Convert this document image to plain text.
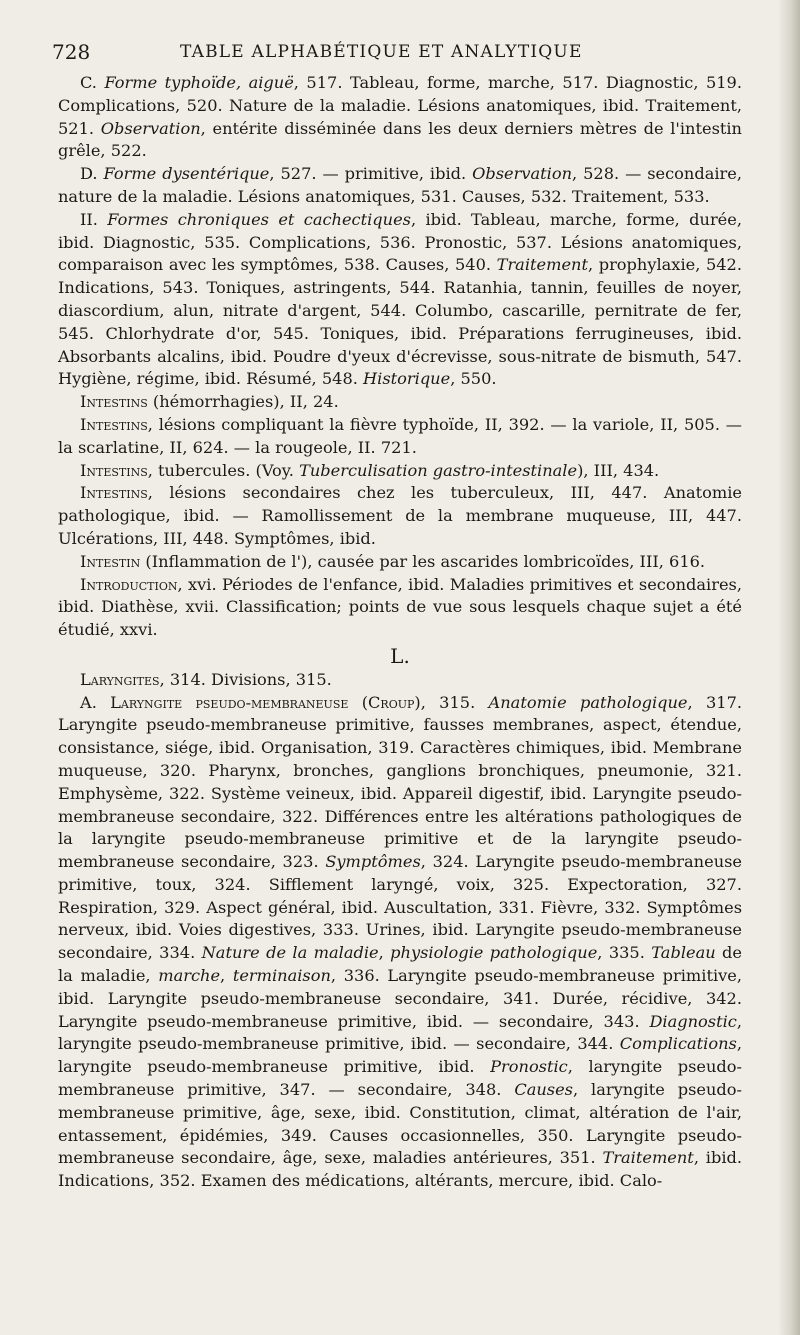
728	TABLE ALPHABÉTIQUE ET ANALYTIQUE

C. Forme typhoïde, aiguë, 517. Tableau, forme, marche, 517. Diagnostic, 519. Complications, 520. Nature de la maladie. Lésions anatomiques, ibid. Traitement, 521. Observation, entérite disséminée dans les deux derniers mètres de l'intestin grêle, 522.

D. Forme dysentérique, 527. — primitive, ibid. Observation, 528. — secondaire, nature de la maladie. Lésions anatomiques, 531. Causes, 532. Traitement, 533.

II. Formes chroniques et cachectiques, ibid. Tableau, marche, forme, durée, ibid. Diagnostic, 535. Complications, 536. Pronostic, 537. Lésions anatomiques, comparaison avec les symptômes, 538. Causes, 540. Traitement, prophylaxie, 542. Indications, 543. Toniques, astringents, 544. Ratanhia, tannin, feuilles de noyer, diascordium, alun, nitrate d'argent, 544. Columbo, cascarille, pernitrate de fer, 545. Chlorhydrate d'or, 545. Toniques, ibid. Préparations ferrugineuses, ibid. Absorbants alcalins, ibid. Poudre d'yeux d'écrevisse, sous-nitrate de bismuth, 547. Hygiène, régime, ibid. Résumé, 548. Historique, 550.

Intestins (hémorrhagies), II, 24.

Intestins, lésions compliquant la fièvre typhoïde, II, 392. — la variole, II, 505. — la scarlatine, II, 624. — la rougeole, II. 721.

Intestins, tubercules. (Voy. Tuberculisation gastro-intestinale), III, 434.

Intestins, lésions secondaires chez les tuberculeux, III, 447. Anatomie pathologique, ibid. — Ramollissement de la membrane muqueuse, III, 447. Ulcérations, III, 448. Symptômes, ibid.

Intestin (Inflammation de l'), causée par les ascarides lombricoïdes, III, 616.

Introduction, xvi. Périodes de l'enfance, ibid. Maladies primitives et secondaires, ibid. Diathèse, xvii. Classification; points de vue sous lesquels chaque sujet a été étudié, xxvi.

L.

Laryngites, 314. Divisions, 315.

A. Laryngite pseudo-membraneuse (Croup), 315. Anatomie pathologique, 317. Laryngite pseudo-membraneuse primitive, fausses membranes, aspect, étendue, consistance, siége, ibid. Organisation, 319. Caractères chimiques, ibid. Membrane muqueuse, 320. Pharynx, bronches, ganglions bronchiques, pneumonie, 321. Emphysème, 322. Système veineux, ibid. Appareil digestif, ibid. Laryngite pseudo-membraneuse secondaire, 322. Différences entre les altérations pathologiques de la laryngite pseudo-membraneuse primitive et de la laryngite pseudo-membraneuse secondaire, 323. Symptômes, 324. Laryngite pseudo-membraneuse primitive, toux, 324. Sifflement laryngé, voix, 325. Expectoration, 327. Respiration, 329. Aspect général, ibid. Auscultation, 331. Fièvre, 332. Symptômes nerveux, ibid. Voies digestives, 333. Urines, ibid. Laryngite pseudo-membraneuse secondaire, 334. Nature de la maladie, physiologie pathologique, 335. Tableau de la maladie, marche, terminaison, 336. Laryngite pseudo-membraneuse primitive, ibid. Laryngite pseudo-membraneuse secondaire, 341. Durée, récidive, 342. Laryngite pseudo-membraneuse primitive, ibid. — secondaire, 343. Diagnostic, laryngite pseudo-membraneuse primitive, ibid. — secondaire, 344. Complications, laryngite pseudo-membraneuse primitive, ibid. Pronostic, laryngite pseudo-membraneuse primitive, 347. — secondaire, 348. Causes, laryngite pseudo-membraneuse primitive, âge, sexe, ibid. Constitution, climat, altération de l'air, entassement, épidémies, 349. Causes occasionnelles, 350. Laryngite pseudo-membraneuse secondaire, âge, sexe, maladies antérieures, 351. Traitement, ibid. Indications, 352. Examen des médications, altérants, mercure, ibid. Calo-
